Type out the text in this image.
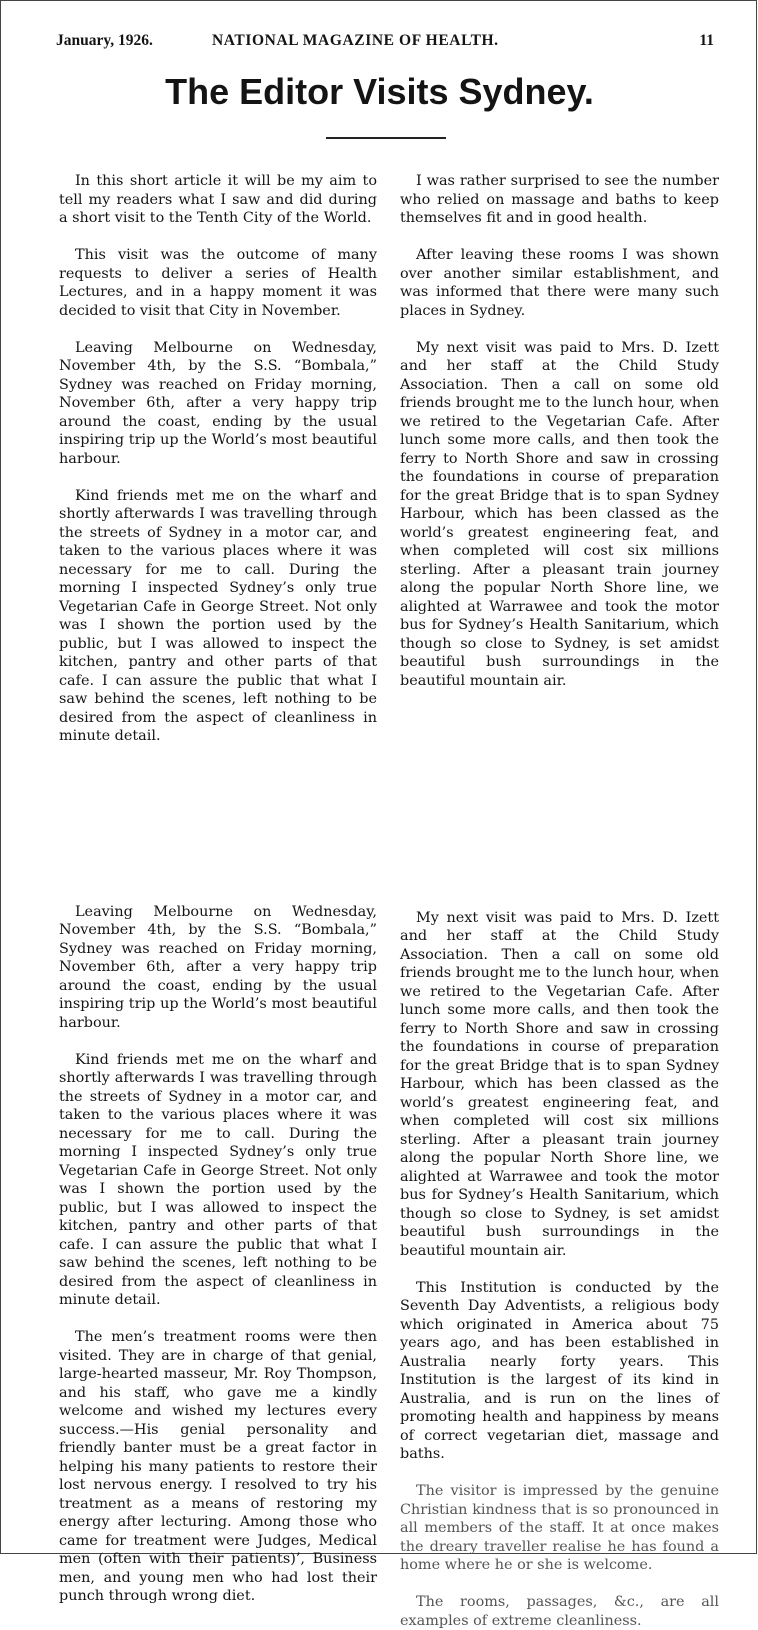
January, 1926.	NATIONAL MAGAZINE OF HEALTH.	11
The Editor Visits Sydney.

In this short article it will be my aim to tell my readers what I saw and did during a short visit to the Tenth City of the World.

This visit was the outcome of many requests to deliver a series of Health Lectures, and in a happy moment it was decided to visit that City in November.

Leaving Melbourne on Wednesday, November 4th, by the S.S. “Bombala,” Sydney was reached on Friday morning, November 6th, after a very happy trip around the coast, ending by the usual inspiring trip up the World’s most beautiful harbour.

Kind friends met me on the wharf and shortly afterwards I was travelling through the streets of Sydney in a motor car, and taken to the various places where it was necessary for me to call. During the morning I inspected Sydney’s only true Vegetarian Cafe in George Street. Not only was I shown the portion used by the public, but I was allowed to inspect the kitchen, pantry and other parts of that cafe. I can assure the public that what I saw behind the scenes, left nothing to be desired from the aspect of cleanliness in minute detail.

Leaving Melbourne on Wednesday, November 4th, by the S.S. “Bombala,” Sydney was reached on Friday morning, November 6th, after a very happy trip around the coast, ending by the usual inspiring trip up the World’s most beautiful harbour.

Kind friends met me on the wharf and shortly afterwards I was travelling through the streets of Sydney in a motor car, and taken to the various places where it was necessary for me to call. During the morning I inspected Sydney’s only true Vegetarian Cafe in George Street. Not only was I shown the portion used by the public, but I was allowed to inspect the kitchen, pantry and other parts of that cafe. I can assure the public that what I saw behind the scenes, left nothing to be desired from the aspect of cleanliness in minute detail.

The men’s treatment rooms were then visited. They are in charge of that genial, large-hearted masseur, Mr. Roy Thompson, and his staff, who gave me a kindly welcome and wished my lectures every success.—His genial personality and friendly banter must be a great factor in helping his many patients to restore their lost nervous energy. I resolved to try his treatment as a means of restoring my energy after lecturing. Among those who came for treatment were Judges, Medical men (often with their patients)’, Business men, and young men who had lost their punch through wrong diet.

I was rather surprised to see the number who relied on massage and baths to keep themselves fit and in good health.

After leaving these rooms I was shown over another similar establishment, and was informed that there were many such places in Sydney.

My next visit was paid to Mrs. D. Izett and her staff at the Child Study Association. Then a call on some old friends brought me to the lunch hour, when we retired to the Vegetarian Cafe. After lunch some more calls, and then took the ferry to North Shore and saw in crossing the foundations in course of preparation for the great Bridge that is to span Sydney Harbour, which has been classed as the world’s greatest engineering feat, and when completed will cost six millions sterling. After a pleasant train journey along the popular North Shore line, we alighted at Warrawee and took the motor bus for Sydney’s Health Sanitarium, which though so close to Sydney, is set amidst beautiful bush surroundings in the beautiful mountain air.

My next visit was paid to Mrs. D. Izett and her staff at the Child Study Association. Then a call on some old friends brought me to the lunch hour, when we retired to the Vegetarian Cafe. After lunch some more calls, and then took the ferry to North Shore and saw in crossing the foundations in course of preparation for the great Bridge that is to span Sydney Harbour, which has been classed as the world’s greatest engineering feat, and when completed will cost six millions sterling. After a pleasant train journey along the popular North Shore line, we alighted at Warrawee and took the motor bus for Sydney’s Health Sanitarium, which though so close to Sydney, is set amidst beautiful bush surroundings in the beautiful mountain air.

This Institution is conducted by the Seventh Day Adventists, a religious body which originated in America about 75 years ago, and has been established in Australia nearly forty years. This Institution is the largest of its kind in Australia, and is run on the lines of promoting health and happiness by means of correct vegetarian diet, massage and baths.

The visitor is impressed by the genuine Christian kindness that is so pronounced in all members of the staff. It at once makes the dreary traveller realise he has found a home where he or she is welcome.

The rooms, passages, &c., are all examples of extreme cleanliness.
